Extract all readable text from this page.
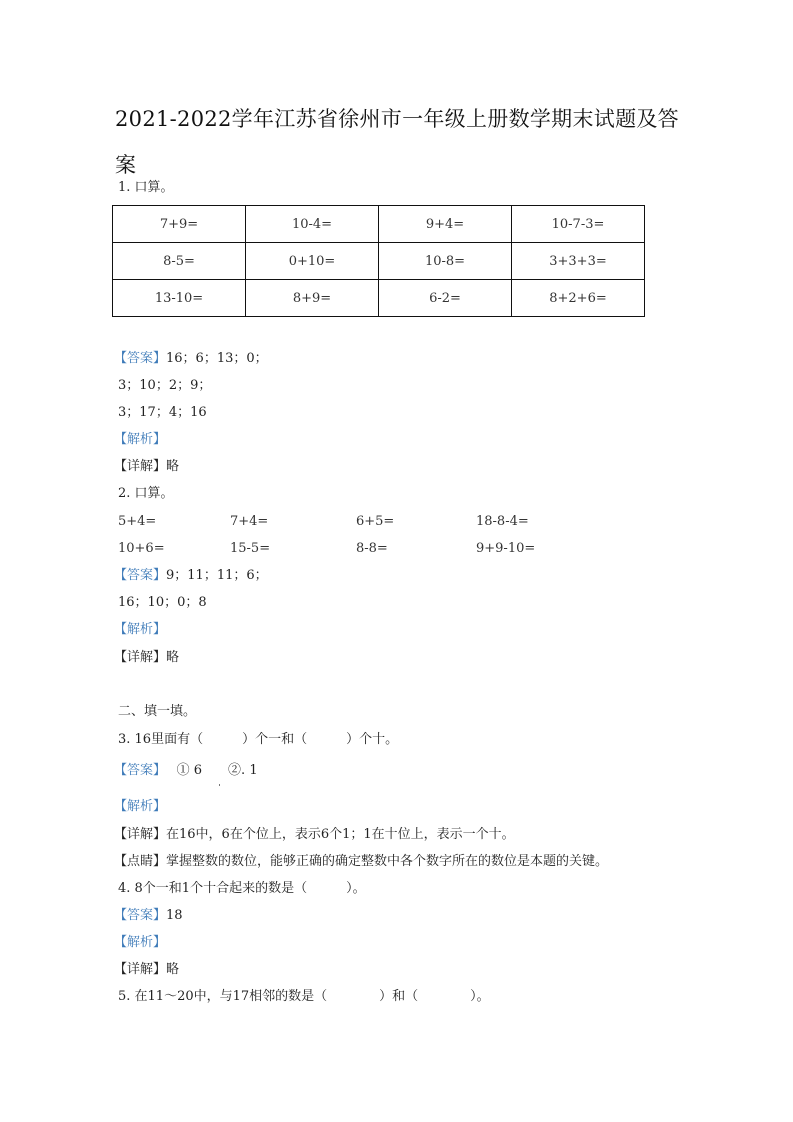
2021-2022学年江苏省徐州市一年级上册数学期末试题及答案
1. 口算。
7+9=	10-4=	9+4=	10-7-3=
8-5=	0+10=	10-8=	3+3+3=
13-10=	8+9=	6-2=	8+2+6=
【答案】16；6；13；0；
3；10；2；9；
3；17；4；16
【解析】
【详解】略
2. 口算。
5+4=	7+4=	6+5=	18-8-4=
10+6=	15-5=	8-8=	9+9-10=
【答案】9；11；11；6；
16；10；0；8
【解析】
【详解】略
二、填一填。
3. 16里面有（　　　）个一和（　　　）个十。
【答案】　 ① 6　　②. 1
【解析】
【详解】在16中，6在个位上，表示6个1；1在十位上，表示一个十。
【点睛】掌握整数的数位，能够正确的确定整数中各个数字所在的数位是本题的关键。
4. 8个一和1个十合起来的数是（　　　）。
【答案】18
【解析】
【详解】略
5. 在11～20中，与17相邻的数是（　　　　）和（　　　　）。
